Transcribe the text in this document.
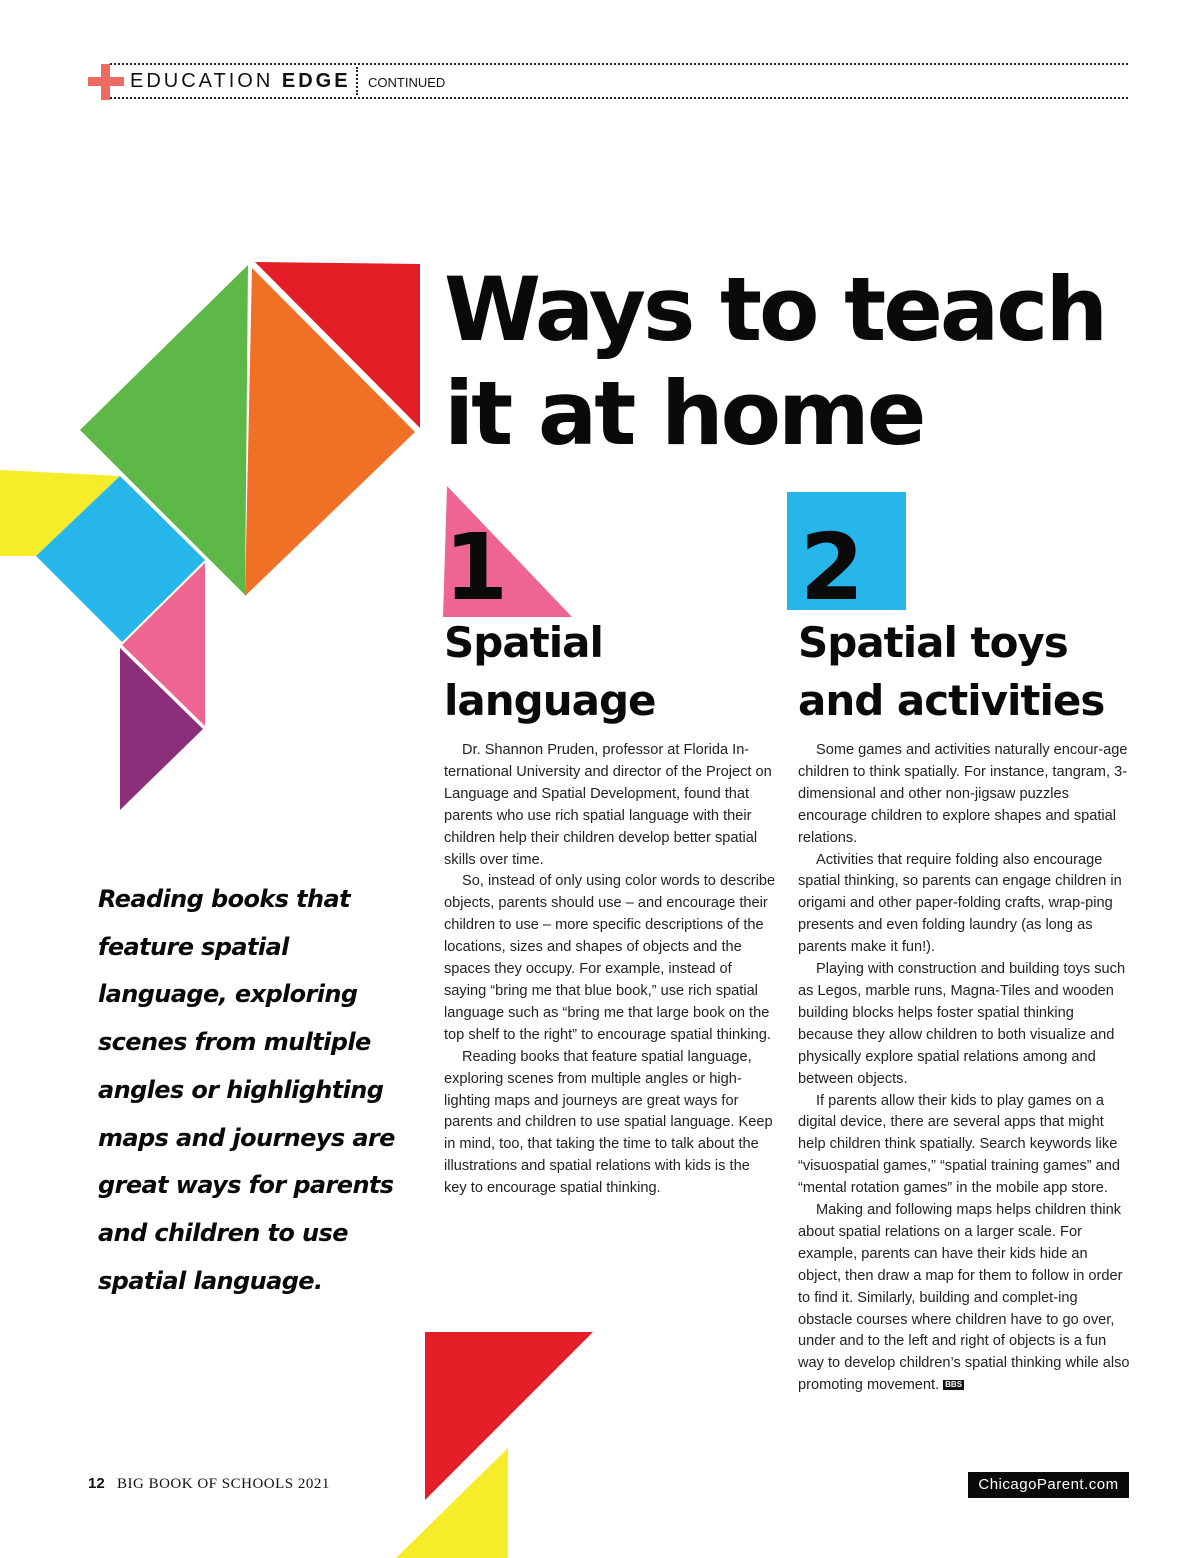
EDUCATION EDGE CONTINUED
Ways to teach
it at home
1
Spatial
language

Dr. Shannon Pruden, professor at Florida In-ternational University and director of the Project on Language and Spatial Development, found that parents who use rich spatial language with their children help their children develop better spatial skills over time.

So, instead of only using color words to describe objects, parents should use – and encourage their children to use – more specific descriptions of the locations, sizes and shapes of objects and the spaces they occupy. For example, instead of saying “bring me that blue book,” use rich spatial language such as “bring me that large book on the top shelf to the right” to encourage spatial thinking.

Reading books that feature spatial language, exploring scenes from multiple angles or high-lighting maps and journeys are great ways for parents and children to use spatial language. Keep in mind, too, that taking the time to talk about the illustrations and spatial relations with kids is the key to encourage spatial thinking.

2
Spatial toys
and activities

Some games and activities naturally encour-age children to think spatially. For instance, tangram, 3-dimensional and other non-jigsaw puzzles encourage children to explore shapes and spatial relations.

Activities that require folding also encourage spatial thinking, so parents can engage children in origami and other paper-folding crafts, wrap-ping presents and even folding laundry (as long as parents make it fun!).

Playing with construction and building toys such as Legos, marble runs, Magna-Tiles and wooden building blocks helps foster spatial thinking because they allow children to both visualize and physically explore spatial relations among and between objects.

If parents allow their kids to play games on a digital device, there are several apps that might help children think spatially. Search keywords like “visuospatial games,” “spatial training games” and “mental rotation games” in the mobile app store.

Making and following maps helps children think about spatial relations on a larger scale. For example, parents can have their kids hide an object, then draw a map for them to follow in order to find it. Similarly, building and complet-ing obstacle courses where children have to go over, under and to the left and right of objects is a fun way to develop children’s spatial thinking while also promoting movement. BBS

Reading books that feature spatial language, exploring scenes from multiple angles or highlighting maps and journeys are great ways for parents and children to use spatial language.
12 BIG BOOK OF SCHOOLS 2021	ChicagoParent.com
